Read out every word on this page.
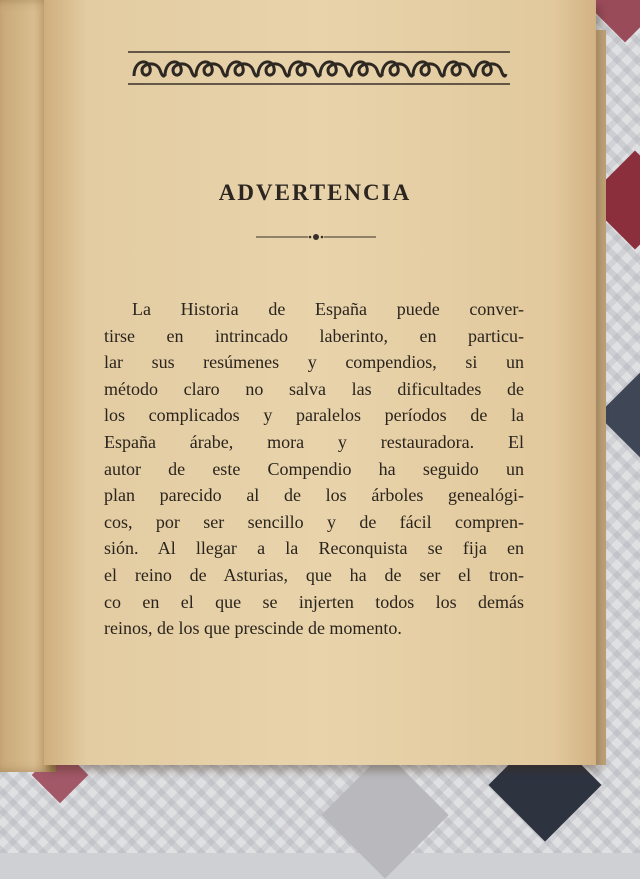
ADVERTENCIA
La Historia de España puede conver-
tirse en intrincado laberinto, en particu-
lar sus resúmenes y compendios, si un
método claro no salva las dificultades de
los complicados y paralelos períodos de la
España árabe, mora y restauradora. El
autor de este Compendio ha seguido un
plan parecido al de los árboles genealógi-
cos, por ser sencillo y de fácil compren-
sión. Al llegar a la Reconquista se fija en
el reino de Asturias, que ha de ser el tron-
co en el que se injerten todos los demás
reinos, de los que prescinde de momento.
